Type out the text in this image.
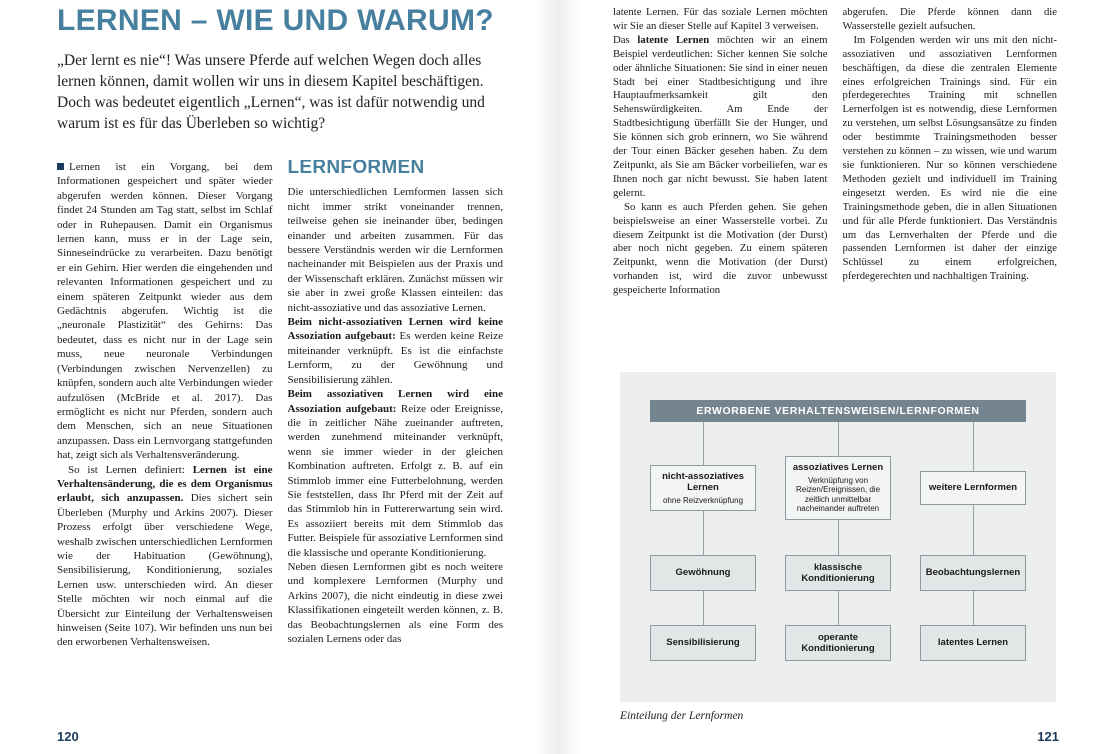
LERNEN – WIE UND WARUM?

„Der lernt es nie“! Was unsere Pferde auf welchen Wegen doch alles lernen können, damit wollen wir uns in diesem Kapitel beschäftigen. Doch was bedeutet eigentlich „Lernen“, was ist dafür notwendig und warum ist es für das Überleben so wichtig?

Lernen ist ein Vorgang, bei dem Informationen gespeichert und später wieder abgerufen werden können. Dieser Vorgang findet 24 Stunden am Tag statt, selbst im Schlaf oder in Ruhepausen. Damit ein Organismus lernen kann, muss er in der Lage sein, Sinneseindrücke zu verarbeiten. Dazu benötigt er ein Gehirn. Hier werden die eingehenden und relevanten Informationen gespeichert und zu einem späteren Zeitpunkt wieder aus dem Gedächtnis abgerufen. Wichtig ist die „neuronale Plastizität“ des Gehirns: Das bedeutet, dass es nicht nur in der Lage sein muss, neue neuronale Verbindungen (Verbindungen zwischen Nervenzellen) zu knüpfen, sondern auch alte Verbindungen wieder aufzulösen (McBride et al. 2017). Das ermöglicht es nicht nur Pferden, sondern auch dem Menschen, sich an neue Situationen anzupassen. Dass ein Lernvorgang stattgefunden hat, zeigt sich als Verhaltensveränderung.

So ist Lernen definiert: Lernen ist eine Verhaltensänderung, die es dem Organismus erlaubt, sich anzupassen. Dies sichert sein Überleben (Murphy und Arkins 2007). Dieser Prozess erfolgt über verschiedene Wege, weshalb zwischen unterschiedlichen Lernformen wie der Habituation (Gewöhnung), Sensibilisierung, Konditionierung, soziales Lernen usw. unterschieden wird. An dieser Stelle möchten wir noch einmal auf die Übersicht zur Einteilung der Verhaltensweisen hinweisen (Seite 107). Wir befinden uns nun bei den erworbenen Verhaltensweisen.

LERNFORMEN

Die unterschiedlichen Lernformen lassen sich nicht immer strikt voneinander trennen, teilweise gehen sie ineinander über, bedingen einander und arbeiten zusammen. Für das bessere Verständnis werden wir die Lernformen nacheinander mit Beispielen aus der Praxis und der Wissenschaft erklären. Zunächst müssen wir sie aber in zwei große Klassen einteilen: das nicht-assoziative und das assoziative Lernen.

Beim nicht-assoziativen Lernen wird keine Assoziation aufgebaut: Es werden keine Reize miteinander verknüpft. Es ist die einfachste Lernform, zu der Gewöhnung und Sensibilisierung zählen.

Beim assoziativen Lernen wird eine Assoziation aufgebaut: Reize oder Ereignisse, die in zeitlicher Nähe zueinander auftreten, werden zunehmend miteinander verknüpft, wenn sie immer wieder in der gleichen Kombination auftreten. Erfolgt z. B. auf ein Stimmlob immer eine Futterbelohnung, werden Sie feststellen, dass Ihr Pferd mit der Zeit auf das Stimmlob hin in Futtererwartung sein wird. Es assoziiert bereits mit dem Stimmlob das Futter. Beispiele für assoziative Lernformen sind die klassische und operante Konditionierung.

Neben diesen Lernformen gibt es noch weitere und komplexere Lernformen (Murphy und Arkins 2007), die nicht eindeutig in diese zwei Klassifikationen eingeteilt werden können, z. B. das Beobachtungslernen als eine Form des sozialen Lernens oder das

120

latente Lernen. Für das soziale Lernen möchten wir Sie an dieser Stelle auf Kapitel 3 verweisen.

Das latente Lernen möchten wir an einem Beispiel verdeutlichen: Sicher kennen Sie solche oder ähnliche Situationen: Sie sind in einer neuen Stadt bei einer Stadtbesichtigung und ihre Hauptaufmerksamkeit gilt den Sehenswürdigkeiten. Am Ende der Stadtbesichtigung überfällt Sie der Hunger, und Sie können sich grob erinnern, wo Sie während der Tour einen Bäcker gesehen haben. Zu dem Zeitpunkt, als Sie am Bäcker vorbeiliefen, war es Ihnen noch gar nicht bewusst. Sie haben latent gelernt.

So kann es auch Pferden gehen. Sie gehen beispielsweise an einer Wasserstelle vorbei. Zu diesem Zeitpunkt ist die Motivation (der Durst) aber noch nicht gegeben. Zu einem späteren Zeitpunkt, wenn die Motivation (der Durst) vorhanden ist, wird die zuvor unbewusst gespeicherte Information

abgerufen. Die Pferde können dann die Wasserstelle gezielt aufsuchen.

Im Folgenden werden wir uns mit den nicht-assoziativen und assoziativen Lernformen beschäftigen, da diese die zentralen Elemente eines erfolgreichen Trainings sind. Für ein pferdegerechtes Training mit schnellen Lernerfolgen ist es notwendig, diese Lernformen zu verstehen, um selbst Lösungsansätze zu finden oder bestimmte Trainingsmethoden besser verstehen zu können – zu wissen, wie und warum sie funktionieren. Nur so können verschiedene Methoden gezielt und individuell im Training eingesetzt werden. Es wird nie die eine Trainingsmethode geben, die in allen Situationen und für alle Pferde funktioniert. Das Verständnis um das Lernverhalten der Pferde und die passenden Lernformen ist daher der einzige Schlüssel zu einem erfolgreichen, pferdegerechten und nachhaltigen Training.

ERWORBENE VERHALTENSWEISEN/LERNFORMEN
nicht-assoziatives Lernen
ohne Reizverknüpfung
assoziatives Lernen
Verknüpfung von Reizen/Ereignissen, die zeitlich unmittelbar nacheinander auftreten
weitere Lernformen
Gewöhnung
klassische Konditionierung
Beobachtungslernen
Sensibilisierung
operante Konditionierung
latentes Lernen
Einteilung der Lernformen
121
